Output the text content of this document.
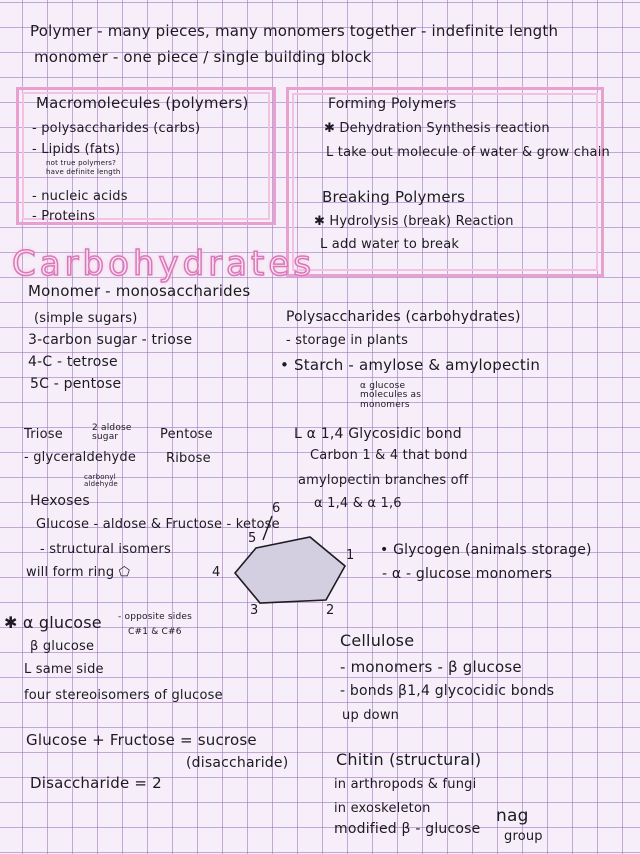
Polymer - many pieces, many monomers together - indefinite length
monomer - one piece / single building block
Macromolecules (polymers)
- polysaccharides (carbs)
- Lipids (fats)
not true polymers?
have definite length
- nucleic acids
- Proteins
Forming Polymers
✱ Dehydration Synthesis reaction
L take out molecule of water & grow chain
Breaking Polymers
✱ Hydrolysis (break) Reaction
L add water to break
Carbohydrates
Monomer - monosaccharides
(simple sugars)
3-carbon sugar - triose
4-C - tetrose
5C - pentose
Triose	2 aldose sugar	Pentose
- glyceraldehyde Ribose
carbonyl aldehyde
Hexoses
Glucose - aldose & Fructose - ketose
- structural isomers
will form ring ⬠
✱ α glucose - opposite sides
C#1 & C#6
β glucose
L same side
four stereoisomers of glucose
Glucose + Fructose = sucrose
(disaccharide)
Disaccharide = 2
1
2
3
4
5
6
Polysaccharides (carbohydrates)
- storage in plants
• Starch - amylose & amylopectin
α glucose molecules as monomers
L α 1,4 Glycosidic bond
Carbon 1 & 4 that bond
amylopectin branches off
α 1,4 & α 1,6
• Glycogen (animals storage)
- α - glucose monomers
Cellulose
- monomers - β glucose
- bonds β1,4 glycocidic bonds
up down
Chitin (structural)
in arthropods & fungi
in exoskeleton
modified β - glucose
nag
group
